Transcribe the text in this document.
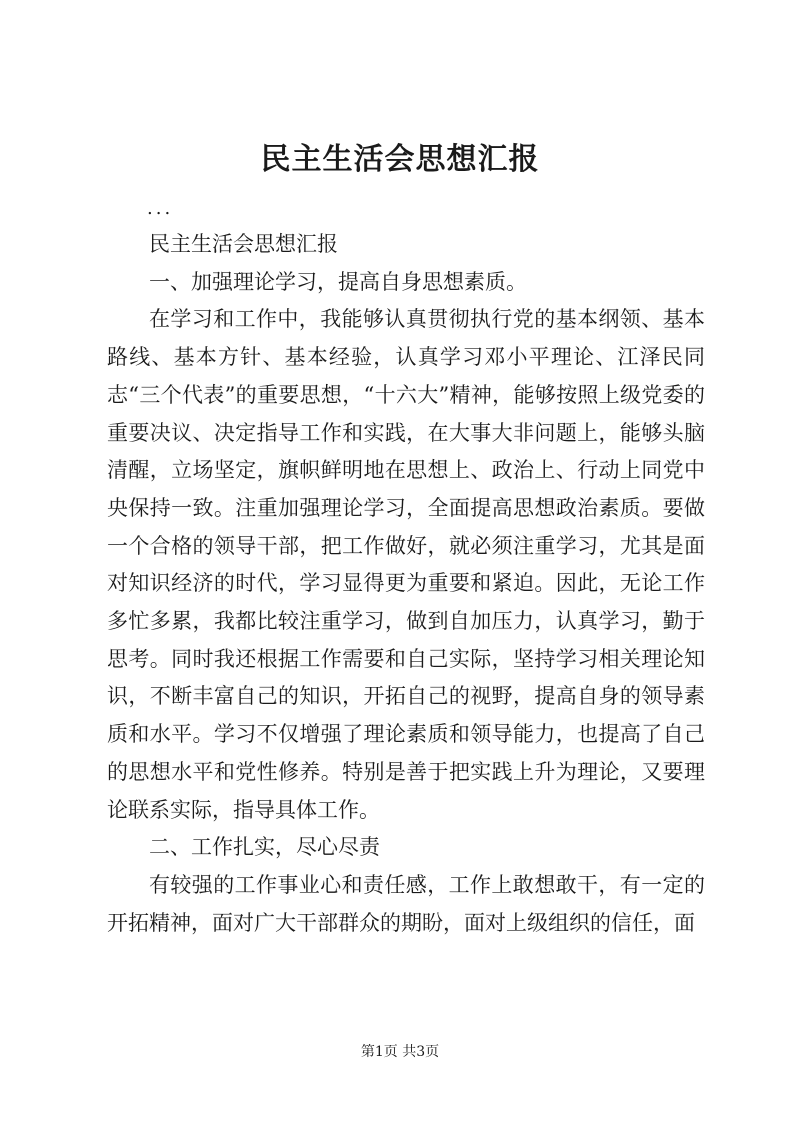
民主生活会思想汇报
...

民主生活会思想汇报

一、加强理论学习，提高自身思想素质。

在学习和工作中，我能够认真贯彻执行党的基本纲领、基本路线、基本方针、基本经验，认真学习邓小平理论、江泽民同志“三个代表”的重要思想，“十六大”精神，能够按照上级党委的重要决议、决定指导工作和实践，在大事大非问题上，能够头脑清醒，立场坚定，旗帜鲜明地在思想上、政治上、行动上同党中央保持一致。注重加强理论学习，全面提高思想政治素质。要做一个合格的领导干部，把工作做好，就必须注重学习，尤其是面对知识经济的时代，学习显得更为重要和紧迫。因此，无论工作多忙多累，我都比较注重学习，做到自加压力，认真学习，勤于思考。同时我还根据工作需要和自己实际，坚持学习相关理论知识，不断丰富自己的知识，开拓自己的视野，提高自身的领导素质和水平。学习不仅增强了理论素质和领导能力，也提高了自己的思想水平和党性修养。特别是善于把实践上升为理论，又要理论联系实际，指导具体工作。

二、工作扎实，尽心尽责

有较强的工作事业心和责任感，工作上敢想敢干，有一定的开拓精神，面对广大干部群众的期盼，面对上级组织的信任，面

第1页 共3页
